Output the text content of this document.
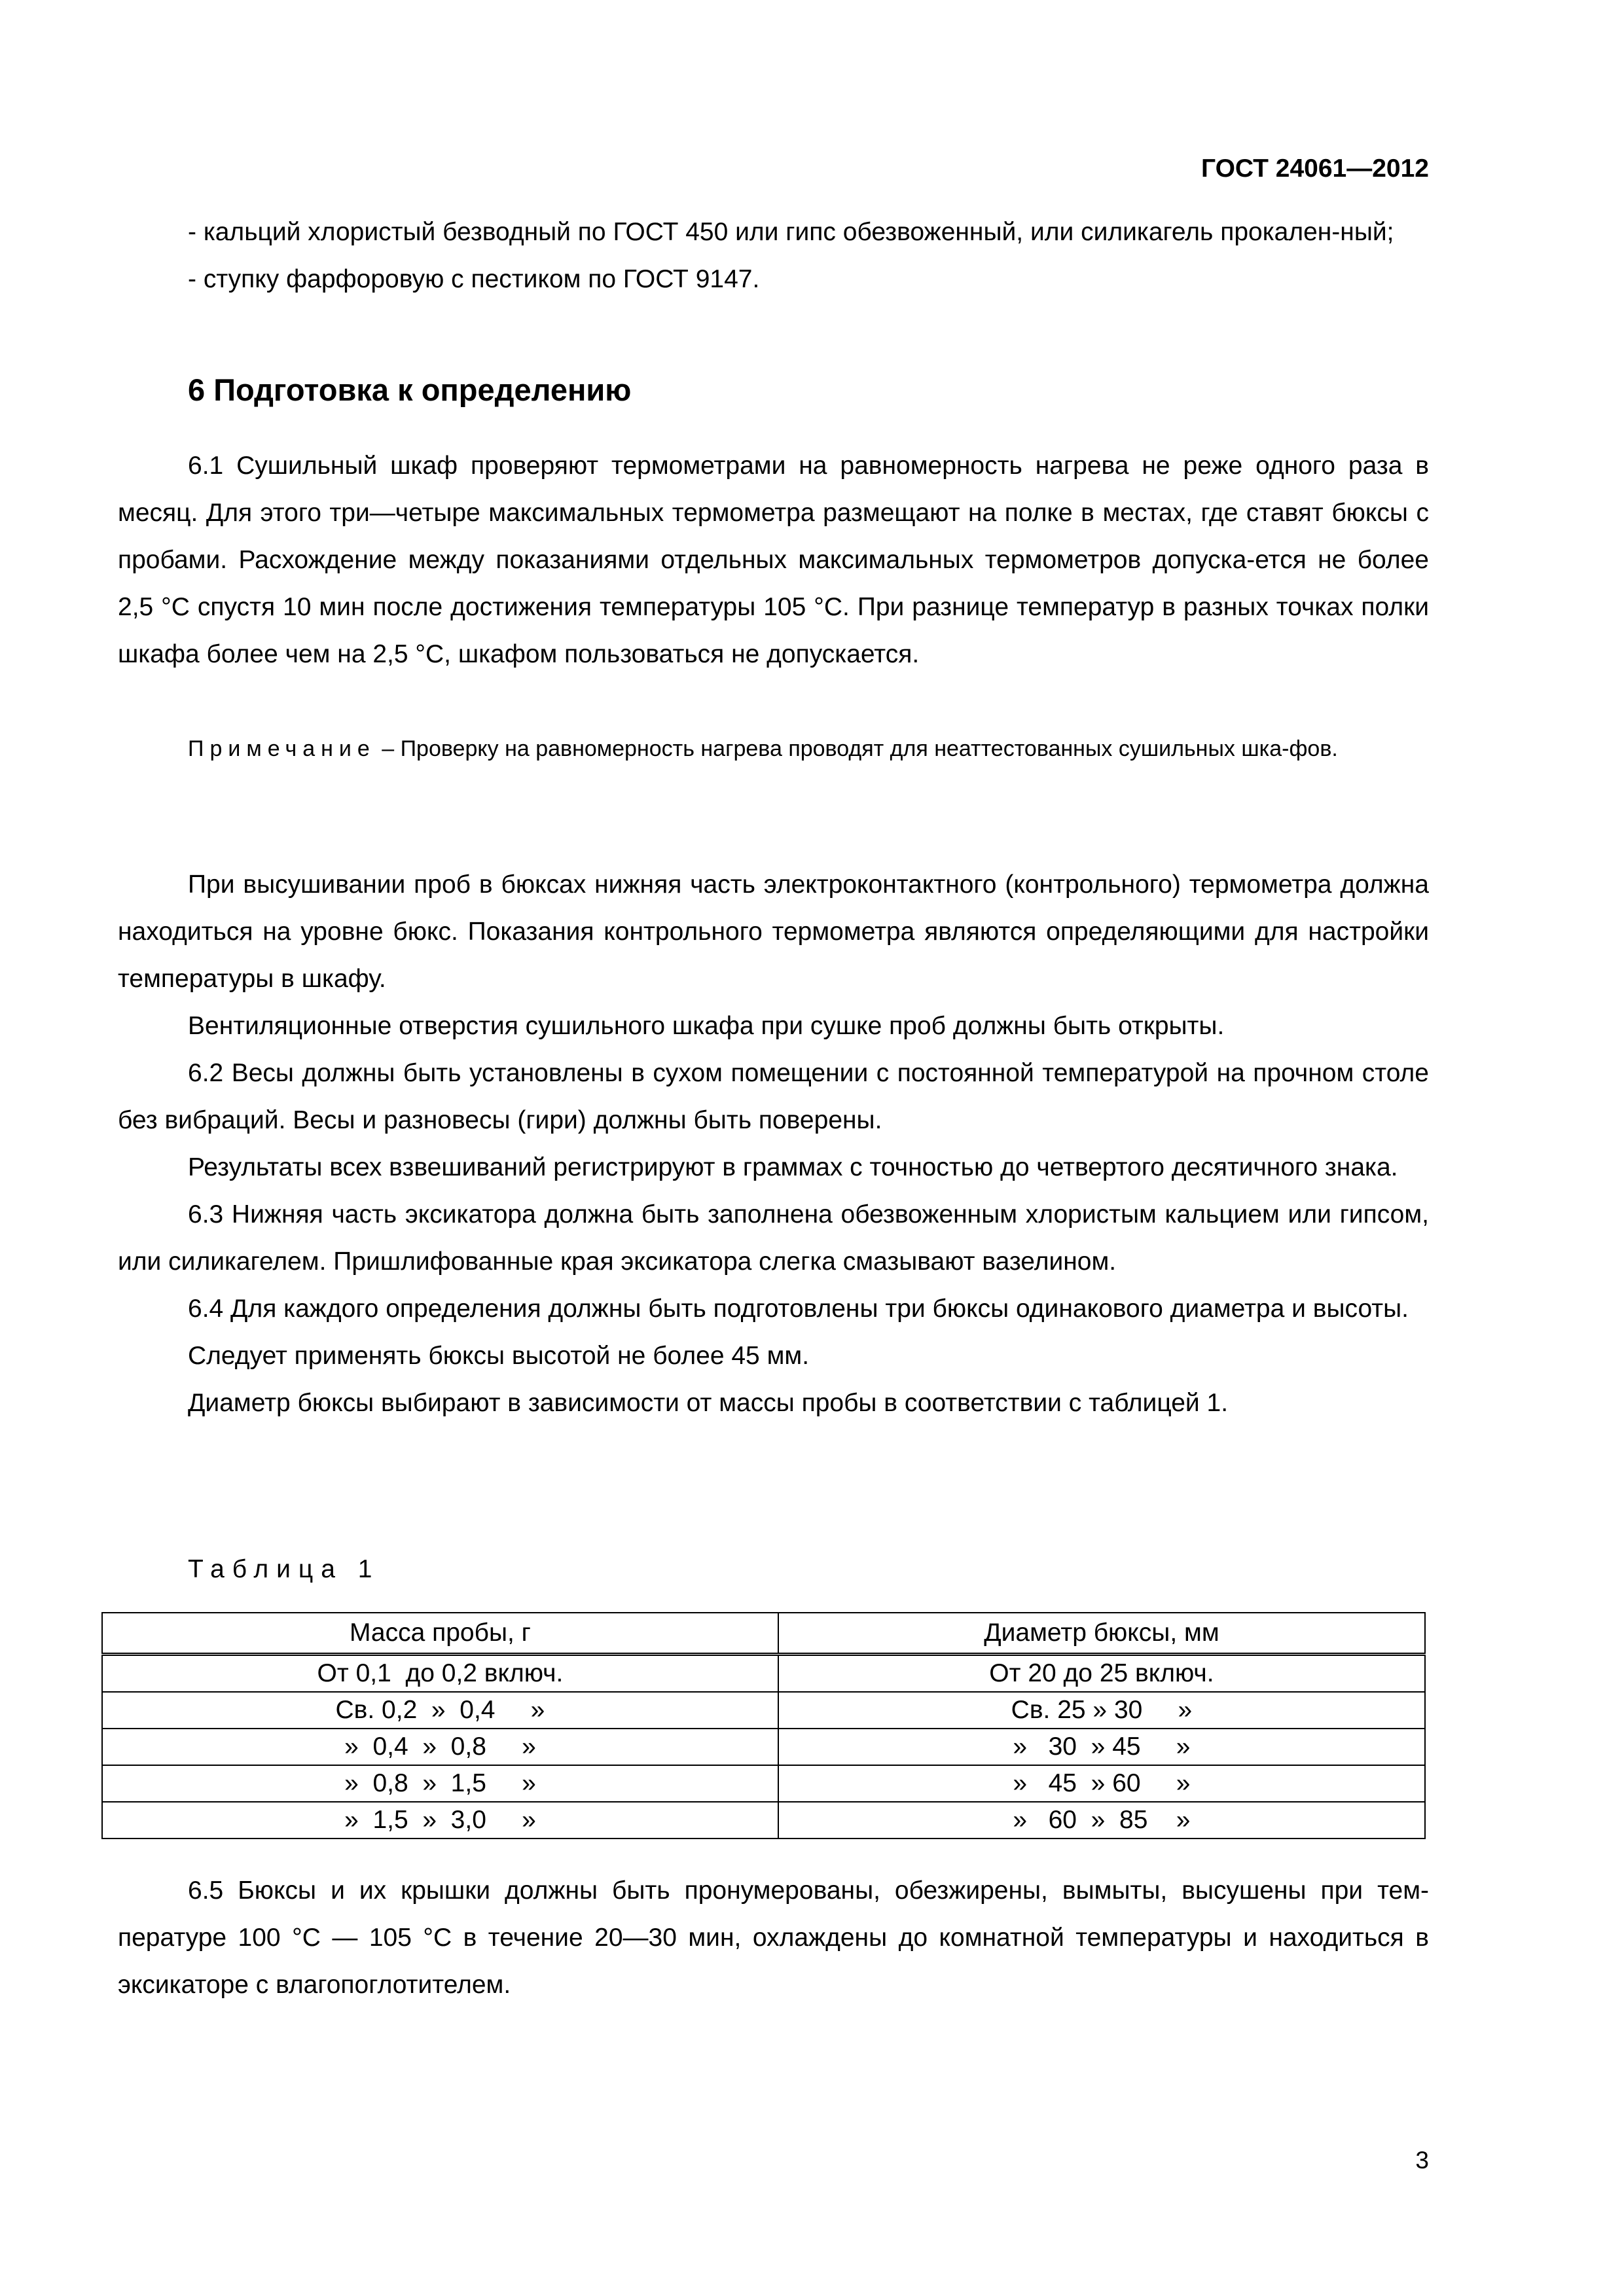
ГОСТ 24061—2012

- кальций хлористый безводный по ГОСТ 450 или гипс обезвоженный, или силикагель прокален-ный;

- ступку фарфоровую с пестиком по ГОСТ 9147.

6 Подготовка к определению

6.1 Сушильный шкаф проверяют термометрами на равномерность нагрева не реже одного раза в месяц. Для этого три—четыре максимальных термометра размещают на полке в местах, где ставят бюксы с пробами. Расхождение между показаниями отдельных максимальных термометров допуска-ется не более 2,5 °С спустя 10 мин после достижения температуры 105 °С. При разнице температур в разных точках полки шкафа более чем на 2,5 °С, шкафом пользоваться не допускается.

Примечание – Проверку на равномерность нагрева проводят для неаттестованных сушильных шка-фов.

При высушивании проб в бюксах нижняя часть электроконтактного (контрольного) термометра должна находиться на уровне бюкс. Показания контрольного термометра являются определяющими для настройки температуры в шкафу.

Вентиляционные отверстия сушильного шкафа при сушке проб должны быть открыты.

6.2 Весы должны быть установлены в сухом помещении с постоянной температурой на прочном столе без вибраций. Весы и разновесы (гири) должны быть поверены.

Результаты всех взвешиваний регистрируют в граммах с точностью до четвертого десятичного знака.

6.3 Нижняя часть эксикатора должна быть заполнена обезвоженным хлористым кальцием или гипсом, или силикагелем. Пришлифованные края эксикатора слегка смазывают вазелином.

6.4 Для каждого определения должны быть подготовлены три бюксы одинакового диаметра и высоты.

Следует применять бюксы высотой не более 45 мм.

Диаметр бюксы выбирают в зависимости от массы пробы в соответствии с таблицей 1.

Таблица 1
Масса пробы, г	Диаметр бюксы, мм
От 0,1  до 0,2 включ.	От 20 до 25 включ.
Св. 0,2  »  0,4     »	Св. 25 » 30     »
»  0,4  »  0,8     »	»   30  » 45     »
»  0,8  »  1,5     »	»   45  » 60     »
»  1,5  »  3,0     »	»   60  »  85    »

6.5 Бюксы и их крышки должны быть пронумерованы, обезжирены, вымыты, высушены при тем-пературе 100 °С — 105 °С в течение 20—30 мин, охлаждены до комнатной температуры и находиться в эксикаторе с влагопоглотителем.

3
